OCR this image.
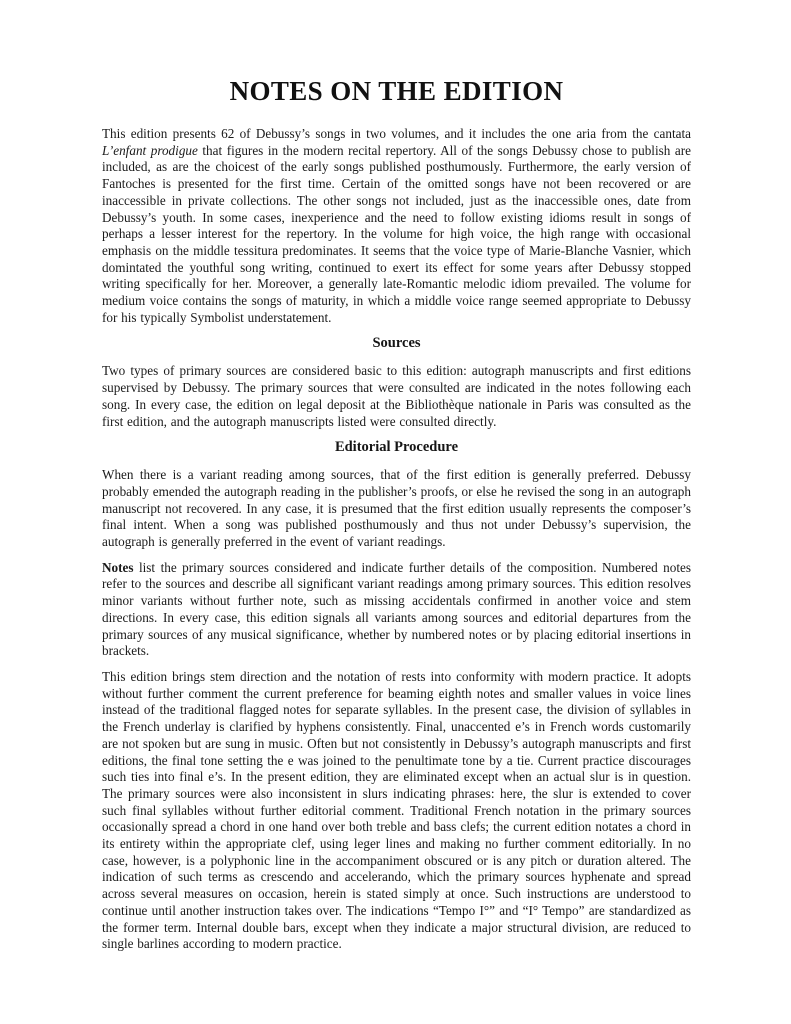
NOTES ON THE EDITION

This edition presents 62 of Debussy’s songs in two volumes, and it includes the one aria from the cantata L’enfant prodigue that figures in the modern recital repertory. All of the songs Debussy chose to publish are included, as are the choicest of the early songs published posthumously. Furthermore, the early version of Fantoches is presented for the first time. Certain of the omitted songs have not been recovered or are inaccessible in private collections. The other songs not included, just as the inaccessible ones, date from Debussy’s youth. In some cases, inexperience and the need to follow existing idioms result in songs of perhaps a lesser interest for the repertory. In the volume for high voice, the high range with occasional emphasis on the middle tessitura predominates. It seems that the voice type of Marie-Blanche Vasnier, which domintated the youthful song writing, continued to exert its effect for some years after Debussy stopped writing specifically for her. Moreover, a generally late-Romantic melodic idiom prevailed. The volume for medium voice contains the songs of maturity, in which a middle voice range seemed appropriate to Debussy for his typically Symbolist understatement.

Sources

Two types of primary sources are considered basic to this edition: autograph manuscripts and first editions supervised by Debussy. The primary sources that were consulted are indicated in the notes following each song. In every case, the edition on legal deposit at the Bibliothèque nationale in Paris was consulted as the first edition, and the autograph manuscripts listed were consulted directly.

Editorial Procedure

When there is a variant reading among sources, that of the first edition is generally preferred. Debussy probably emended the autograph reading in the publisher’s proofs, or else he revised the song in an autograph manuscript not recovered. In any case, it is presumed that the first edition usually represents the composer’s final intent. When a song was published posthumously and thus not under Debussy’s supervision, the autograph is generally preferred in the event of variant readings.

Notes list the primary sources considered and indicate further details of the composition. Numbered notes refer to the sources and describe all significant variant readings among primary sources. This edition resolves minor variants without further note, such as missing accidentals confirmed in another voice and stem directions. In every case, this edition signals all variants among sources and editorial departures from the primary sources of any musical significance, whether by numbered notes or by placing editorial insertions in brackets.

This edition brings stem direction and the notation of rests into conformity with modern practice. It adopts without further comment the current preference for beaming eighth notes and smaller values in voice lines instead of the traditional flagged notes for separate syllables. In the present case, the division of syllables in the French underlay is clarified by hyphens consistently. Final, unaccented e’s in French words customarily are not spoken but are sung in music. Often but not consistently in Debussy’s autograph manuscripts and first editions, the final tone setting the e was joined to the penultimate tone by a tie. Current practice discourages such ties into final e’s. In the present edition, they are eliminated except when an actual slur is in question. The primary sources were also inconsistent in slurs indicating phrases: here, the slur is extended to cover such final syllables without further editorial comment. Traditional French notation in the primary sources occasionally spread a chord in one hand over both treble and bass clefs; the current edition notates a chord in its entirety within the appropriate clef, using leger lines and making no further comment editorially. In no case, however, is a polyphonic line in the accompaniment obscured or is any pitch or duration altered. The indication of such terms as crescendo and accelerando, which the primary sources hyphenate and spread across several measures on occasion, herein is stated simply at once. Such instructions are understood to continue until another instruction takes over. The indications “Tempo I°” and “I° Tempo” are standardized as the former term. Internal double bars, except when they indicate a major structural division, are reduced to single barlines according to modern practice.
